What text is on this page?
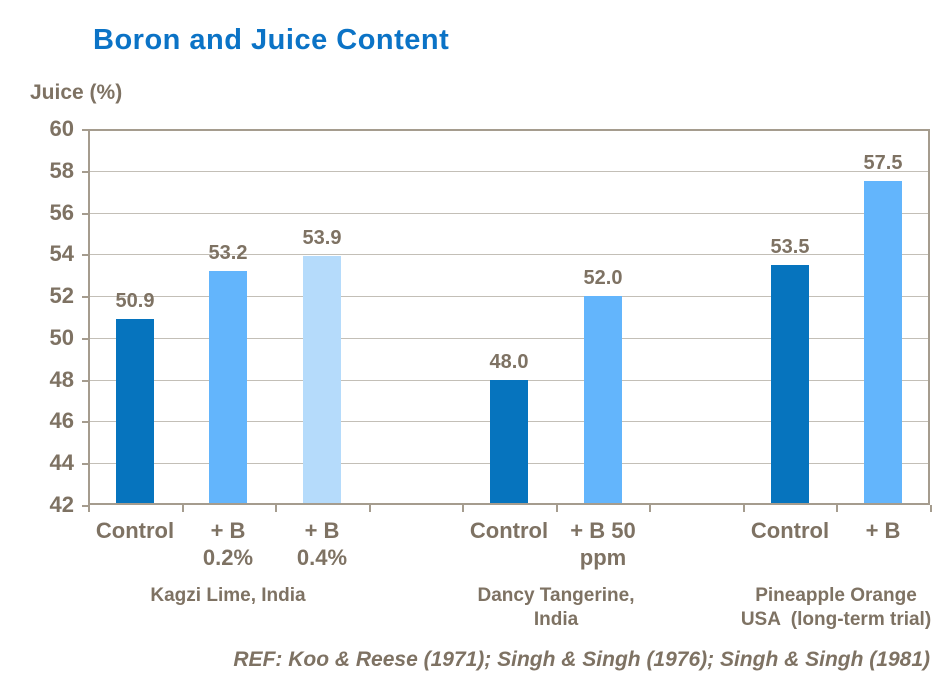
Boron and Juice Content
Juice (%)
REF: Koo & Reese (1971); Singh & Singh (1976); Singh & Singh (1981)
60
58
56
54
52
50
48
46
44
42
50.9
Control
53.2
+ B
0.2%
53.9
+ B
0.4%
Kagzi Lime, India
48.0
Control
52.0
+ B 50
ppm
Dancy Tangerine,
India
53.5
Control
57.5
+ B
Pineapple Orange
USA  (long-term trial)
